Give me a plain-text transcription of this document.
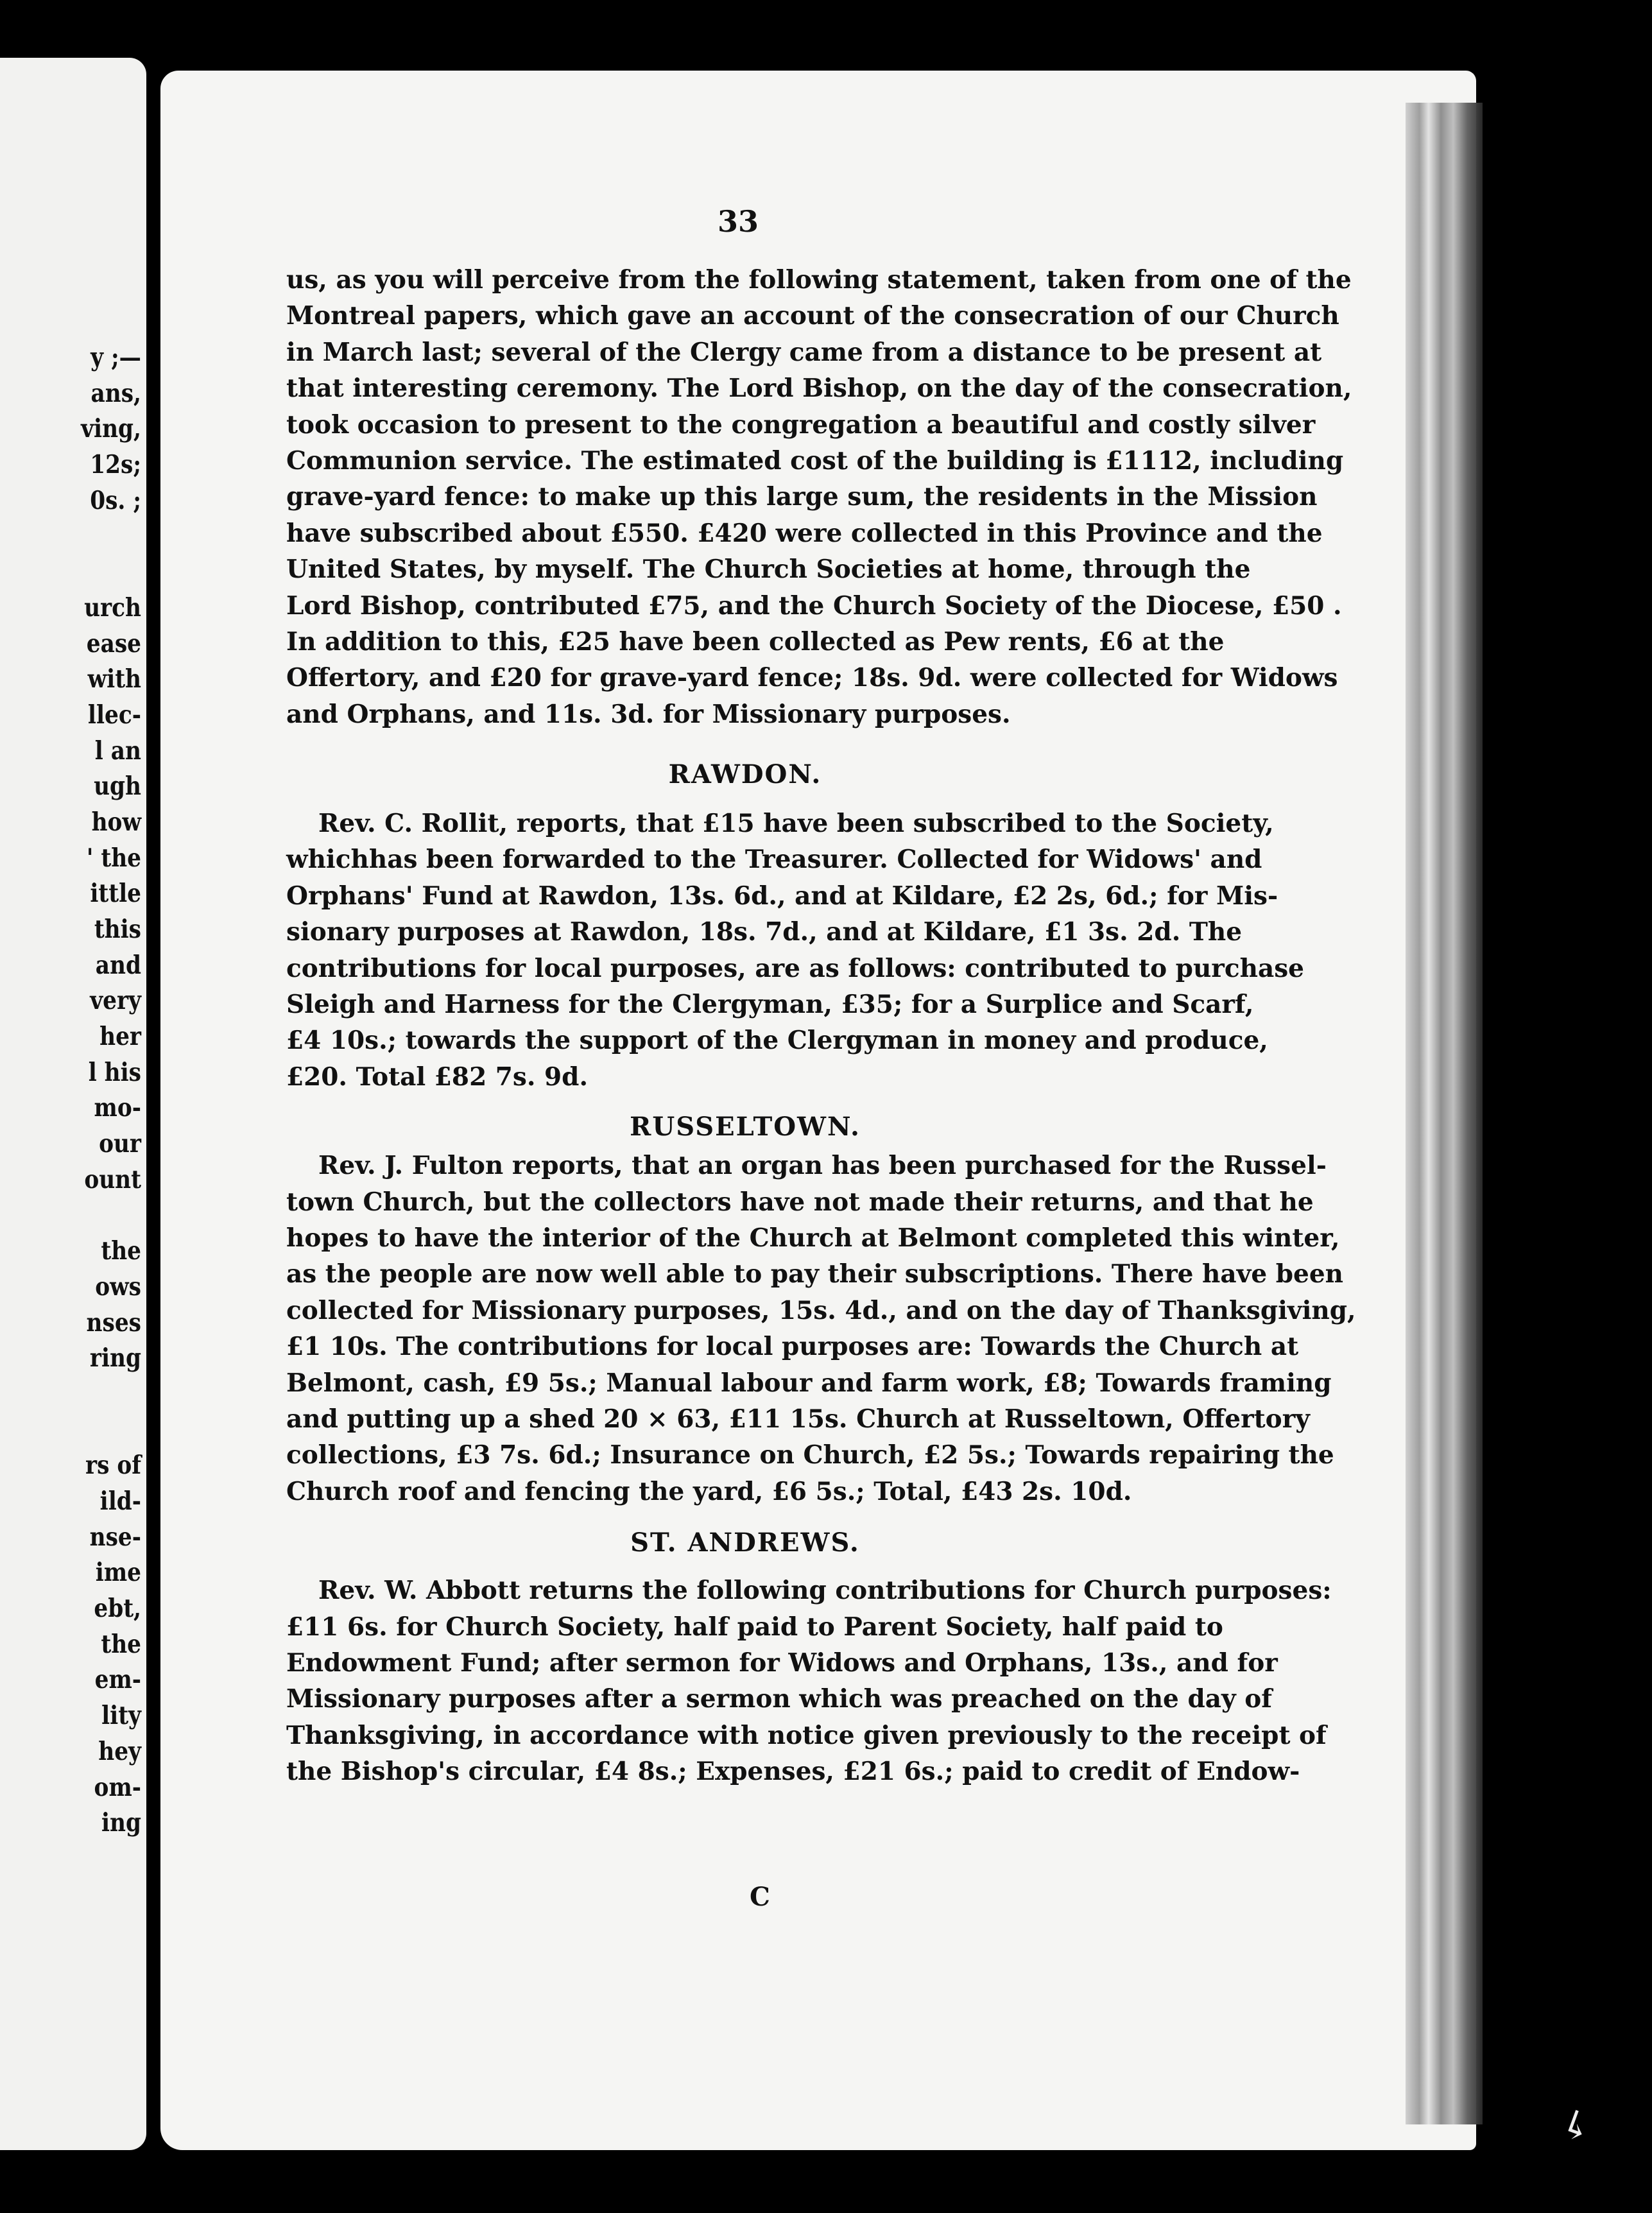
y ;—
ans,
ving,
12s;
0s. ;
urch
ease
with
llec-
l an
ugh
how
' the
ittle
this
and
very
her
l his
mo-
our
ount
the
ows
nses
ring
rs of
ild-
nse-
ime
ebt,
the
em-
lity
hey
om-
ing
33
us, as you will perceive from the following statement, taken from one of the
Montreal papers, which gave an account of the consecration of our Church
in March last; several of the Clergy came from a distance to be present at
that interesting ceremony. The Lord Bishop, on the day of the consecration,
took occasion to present to the congregation a beautiful and costly silver
Communion service. The estimated cost of the building is £1112, including
grave-yard fence: to make up this large sum, the residents in the Mission
have subscribed about £550. £420 were collected in this Province and the
United States, by myself. The Church Societies at home, through the
Lord Bishop, contributed £75, and the Church Society of the Diocese, £50 .
In addition to this, £25 have been collected as Pew rents, £6 at the
Offertory, and £20 for grave-yard fence; 18s. 9d. were collected for Widows
and Orphans, and 11s. 3d. for Missionary purposes.
RAWDON.
Rev. C. Rollit, reports, that £15 have been subscribed to the Society,
whichhas been forwarded to the Treasurer. Collected for Widows' and
Orphans' Fund at Rawdon, 13s. 6d., and at Kildare, £2 2s, 6d.; for Mis-
sionary purposes at Rawdon, 18s. 7d., and at Kildare, £1 3s. 2d. The
contributions for local purposes, are as follows: contributed to purchase
Sleigh and Harness for the Clergyman, £35; for a Surplice and Scarf,
£4 10s.; towards the support of the Clergyman in money and produce,
£20. Total £82 7s. 9d.
RUSSELTOWN.
Rev. J. Fulton reports, that an organ has been purchased for the Russel-
town Church, but the collectors have not made their returns, and that he
hopes to have the interior of the Church at Belmont completed this winter,
as the people are now well able to pay their subscriptions. There have been
collected for Missionary purposes, 15s. 4d., and on the day of Thanksgiving,
£1 10s. The contributions for local purposes are: Towards the Church at
Belmont, cash, £9 5s.; Manual labour and farm work, £8; Towards framing
and putting up a shed 20 × 63, £11 15s. Church at Russeltown, Offertory
collections, £3 7s. 6d.; Insurance on Church, £2 5s.; Towards repairing the
Church roof and fencing the yard, £6 5s.; Total, £43 2s. 10d.
ST. ANDREWS.
Rev. W. Abbott returns the following contributions for Church purposes:
£11 6s. for Church Society, half paid to Parent Society, half paid to
Endowment Fund; after sermon for Widows and Orphans, 13s., and for
Missionary purposes after a sermon which was preached on the day of
Thanksgiving, in accordance with notice given previously to the receipt of
the Bishop's circular, £4 8s.; Expenses, £21 6s.; paid to credit of Endow-
C
↳
